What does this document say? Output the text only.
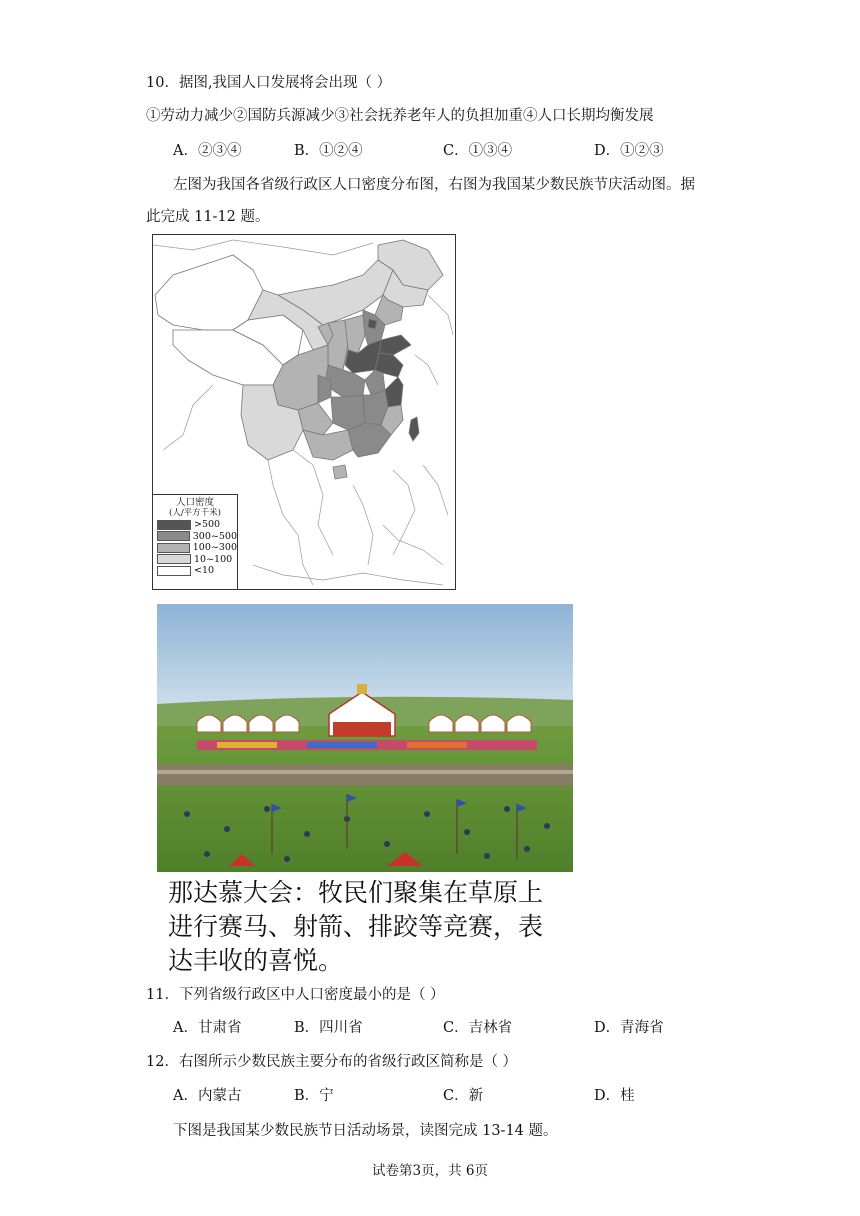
10．据图,我国人口发展将会出现（ ）
①劳动力减少②国防兵源减少③社会抚养老年人的负担加重④人口长期均衡发展
A．②③④	B．①②④	C．①③④	D．①②③
左图为我国各省级行政区人口密度分布图，右图为我国某少数民族节庆活动图。据
此完成 11-12 题。
人口密度
(人/平方千米)
>500
300~500
100~300
10~100
<10
那达慕大会：牧民们聚集在草原上
进行赛马、射箭、排跤等竞赛，表
达丰收的喜悦。
11．下列省级行政区中人口密度最小的是（ ）
A．甘肃省	B．四川省	C．吉林省	D．青海省
12．右图所示少数民族主要分布的省级行政区简称是（ ）
A．内蒙古	B．宁	C．新	D．桂
下图是我国某少数民族节日活动场景，读图完成 13-14 题。
试卷第3页，共 6页
